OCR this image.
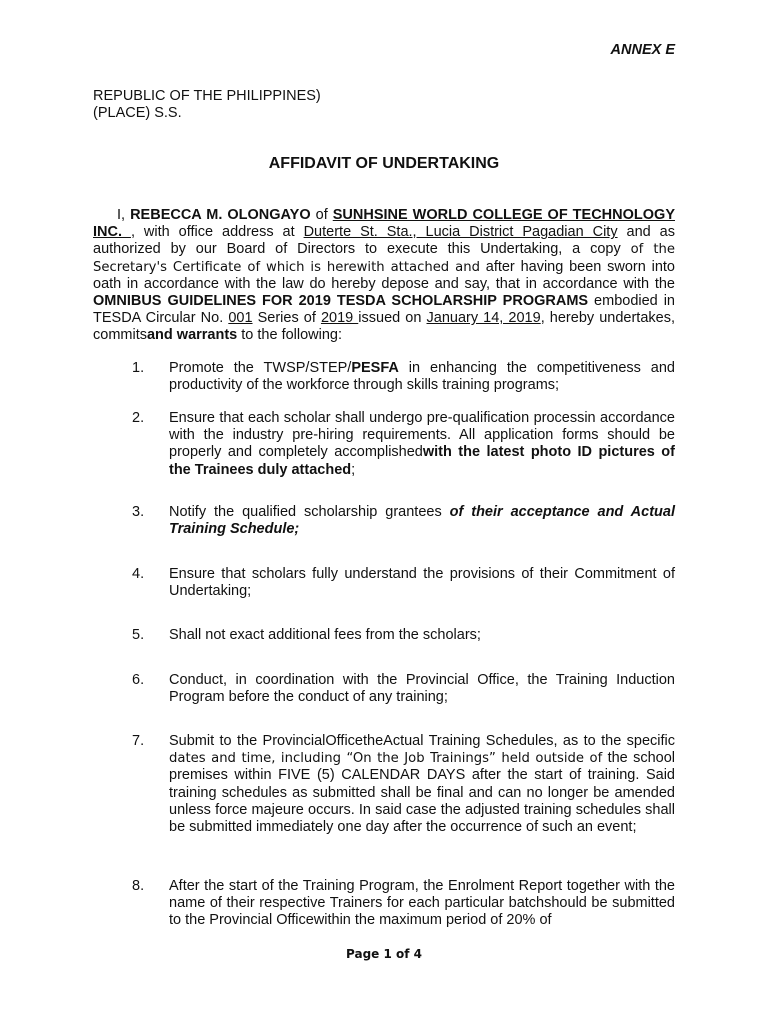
ANNEX E
REPUBLIC OF THE PHILIPPINES)
(PLACE) S.S.
AFFIDAVIT OF UNDERTAKING
I, REBECCA M. OLONGAYO of SUNHSINE WORLD COLLEGE OF TECHNOLOGY INC. , with office address at Duterte St. Sta., Lucia District Pagadian City and as authorized by our Board of Directors to execute this Undertaking, a copy of the Secretary's Certificate of which is herewith attached and after having been sworn into oath in accordance with the law do hereby depose and say, that in accordance with the OMNIBUS GUIDELINES FOR 2019 TESDA SCHOLARSHIP PROGRAMS embodied in TESDA Circular No. 001 Series of 2019 issued on January 14, 2019, hereby undertakes, commitsand warrants to the following:
1.	Promote the TWSP/STEP/PESFA in enhancing the competitiveness and productivity of the workforce through skills training programs;
2.	Ensure that each scholar shall undergo pre-qualification processin accordance with the industry pre-hiring requirements. All application forms should be properly and completely accomplishedwith the latest photo ID pictures of the Trainees duly attached;
3.	Notify the qualified scholarship grantees of their acceptance and Actual Training Schedule;
4.	Ensure that scholars fully understand the provisions of their Commitment of Undertaking;
5.	Shall not exact additional fees from the scholars;
6.	Conduct, in coordination with the Provincial Office, the Training Induction Program before the conduct of any training;
7.	Submit to the ProvincialOfficetheActual Training Schedules, as to the specific dates and time, including “On the Job Trainings” held outside of the school premises within FIVE (5) CALENDAR DAYS after the start of training. Said training schedules as submitted shall be final and can no longer be amended unless force majeure occurs. In said case the adjusted training schedules shall be submitted immediately one day after the occurrence of such an event;
8.	After the start of the Training Program, the Enrolment Report together with the name of their respective Trainers for each particular batchshould be submitted to the Provincial Officewithin the maximum period of 20% of
Page 1 of 4
